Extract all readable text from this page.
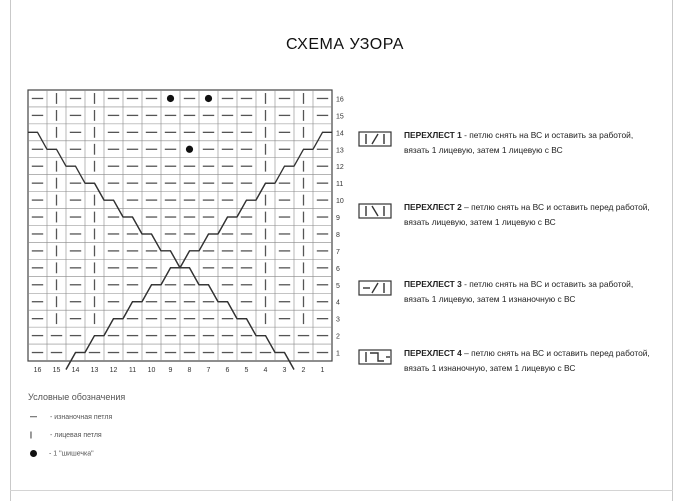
СХЕМА УЗОРА
1
2
3
4
5
6
7
8
9
10
11
12
13
14
15
16
16 15 14 13 12 11 10 9 8 7 6 5 4 3 2 1
Условные обозначения
— - изнаночная петля
|	- лицевая петля
- 1 "шишечка"
ПЕРЕХЛЕСТ 1 - петлю снять на ВС и оставить за работой, вязать 1 лицевую, затем 1 лицевую с ВС
ПЕРЕХЛЕСТ 2 – петлю снять на ВС и оставить перед работой, вязать лицевую, затем 1 лицевую с ВС
ПЕРЕХЛЕСТ 3 - петлю снять на ВС и оставить за работой, вязать 1 лицевую, затем 1 изнаночную с ВС
ПЕРЕХЛЕСТ 4 – петлю снять на ВС и оставить перед работой, вязать 1 изнаночную, затем 1 лицевую с ВС
